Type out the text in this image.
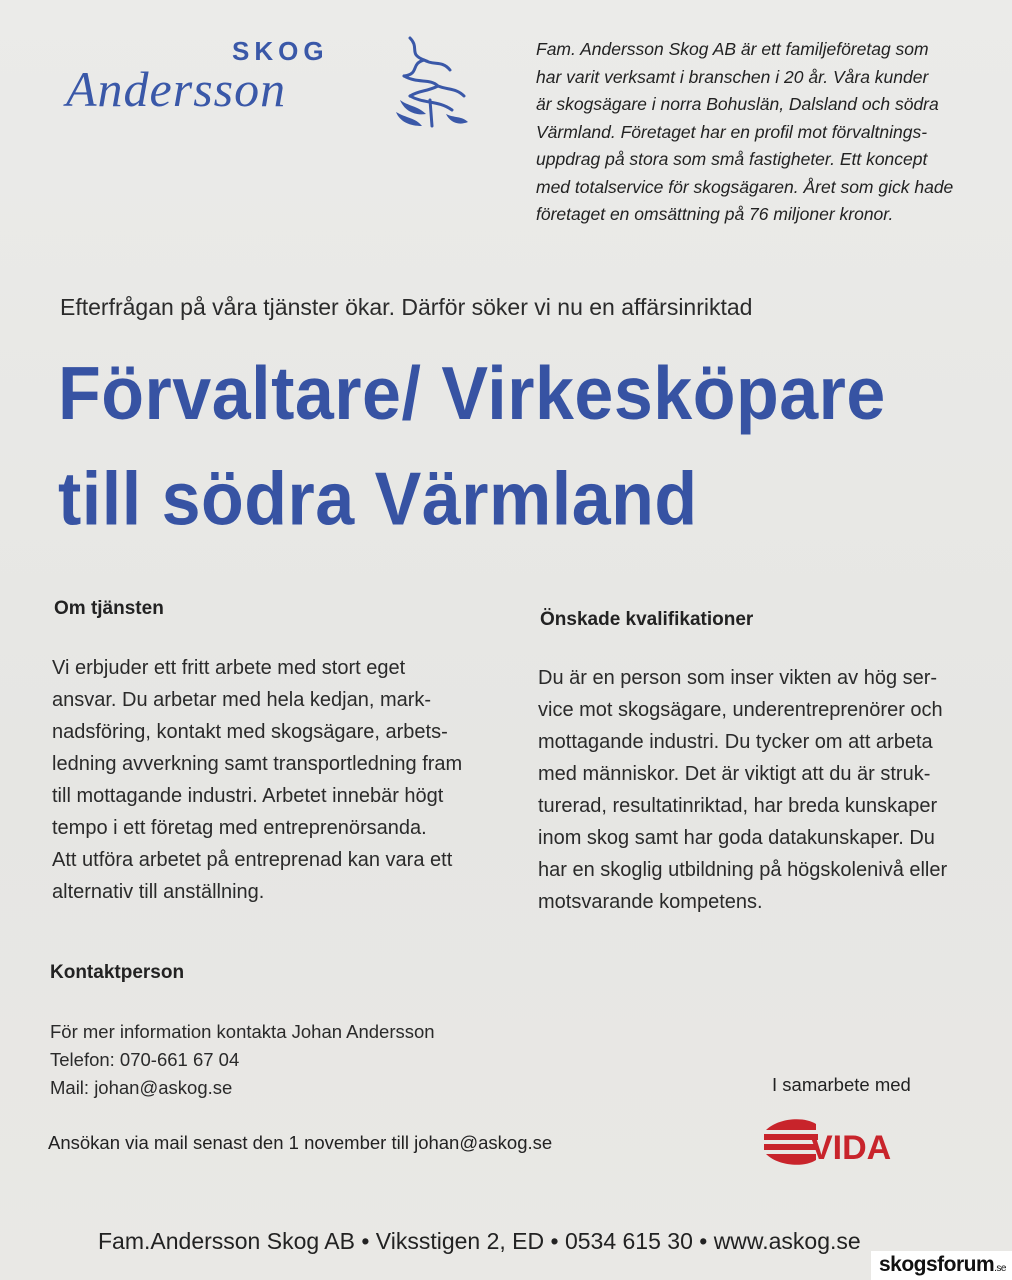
SKOG
Andersson
Fam. Andersson Skog AB är ett familjeföretag som
har varit verksamt i branschen i 20 år. Våra kunder
är skogsägare i norra Bohuslän, Dalsland och södra
Värmland. Företaget har en profil mot förvaltnings-
uppdrag på stora som små fastigheter. Ett koncept
med totalservice för skogsägaren. Året som gick hade
företaget en omsättning på 76 miljoner kronor.
Efterfrågan på våra tjänster ökar. Därför söker vi nu en affärsinriktad
Förvaltare/ Virkesköpare
till södra Värmland
Om tjänsten
Vi erbjuder ett fritt arbete med stort eget
ansvar. Du arbetar med hela kedjan, mark-
nadsföring, kontakt med skogsägare, arbets-
ledning avverkning samt transportledning fram
till mottagande industri. Arbetet innebär högt
tempo i ett företag med entreprenörsanda.
Att utföra arbetet på entreprenad kan vara ett
alternativ till anställning.
Önskade kvalifikationer
Du är en person som inser vikten av hög ser-
vice mot skogsägare, underentreprenörer och
mottagande industri. Du tycker om att arbeta
med människor. Det är viktigt att du är struk-
turerad, resultatinriktad, har breda kunskaper
inom skog samt har goda datakunskaper. Du
har en skoglig utbildning på högskolenivå eller
motsvarande kompetens.
Kontaktperson
För mer information kontakta Johan Andersson
Telefon: 070-661 67 04
Mail: johan@askog.se
Ansökan via mail senast den 1 november till johan@askog.se
I samarbete med
VIDA
Fam.Andersson Skog AB • Viksstigen 2, ED • 0534 615 30 • www.askog.se
skogsforum.se
